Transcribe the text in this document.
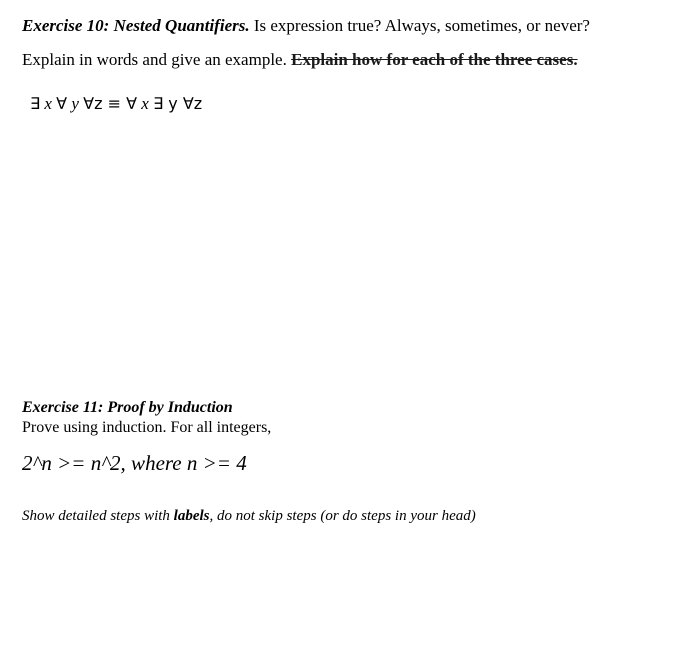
Exercise 10: Nested Quantifiers. Is expression true? Always, sometimes, or never?
Explain in words and give an example. Explain how for each of the three cases.
∃ x ∀ y ∀z ≡ ∀ x ∃ y ∀z
Exercise 11: Proof by Induction
Prove using induction. For all integers,
2^n >= n^2, where n >= 4
Show detailed steps with labels, do not skip steps (or do steps in your head)
